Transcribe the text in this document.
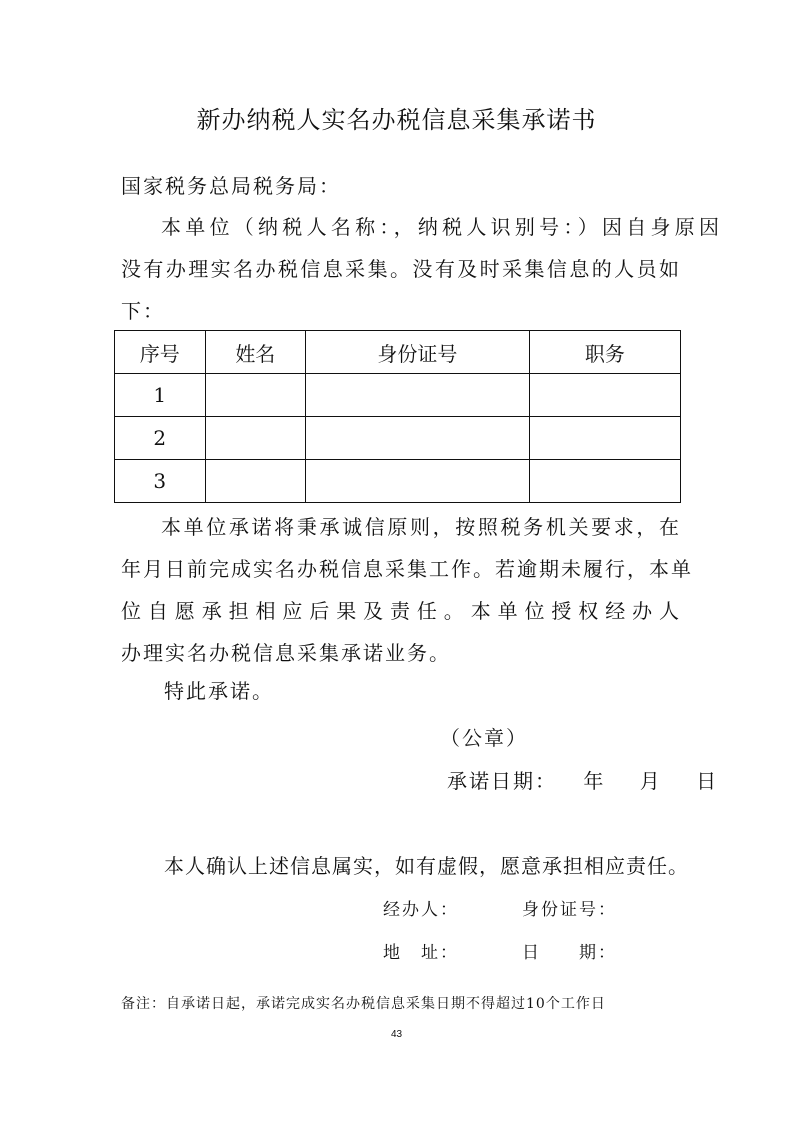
新办纳税人实名办税信息采集承诺书
国家税务总局税务局：
本单位（纳税人名称：，纳税人识别号：）因自身原因
没有办理实名办税信息采集。没有及时采集信息的人员如
下：
序号	姓名	身份证号	职务
1			
2			
3			
本单位承诺将秉承诚信原则，按照税务机关要求，在
年月日前完成实名办税信息采集工作。若逾期未履行，本单
位自愿承担相应后果及责任。本单位授权经办人
办理实名办税信息采集承诺业务。
特此承诺。
（公章）
承诺日期： 年 月 日
本人确认上述信息属实，如有虚假，愿意承担相应责任。
经办人：	身份证号：
地　址：	日　　期：
备注：自承诺日起，承诺完成实名办税信息采集日期不得超过10个工作日
43
